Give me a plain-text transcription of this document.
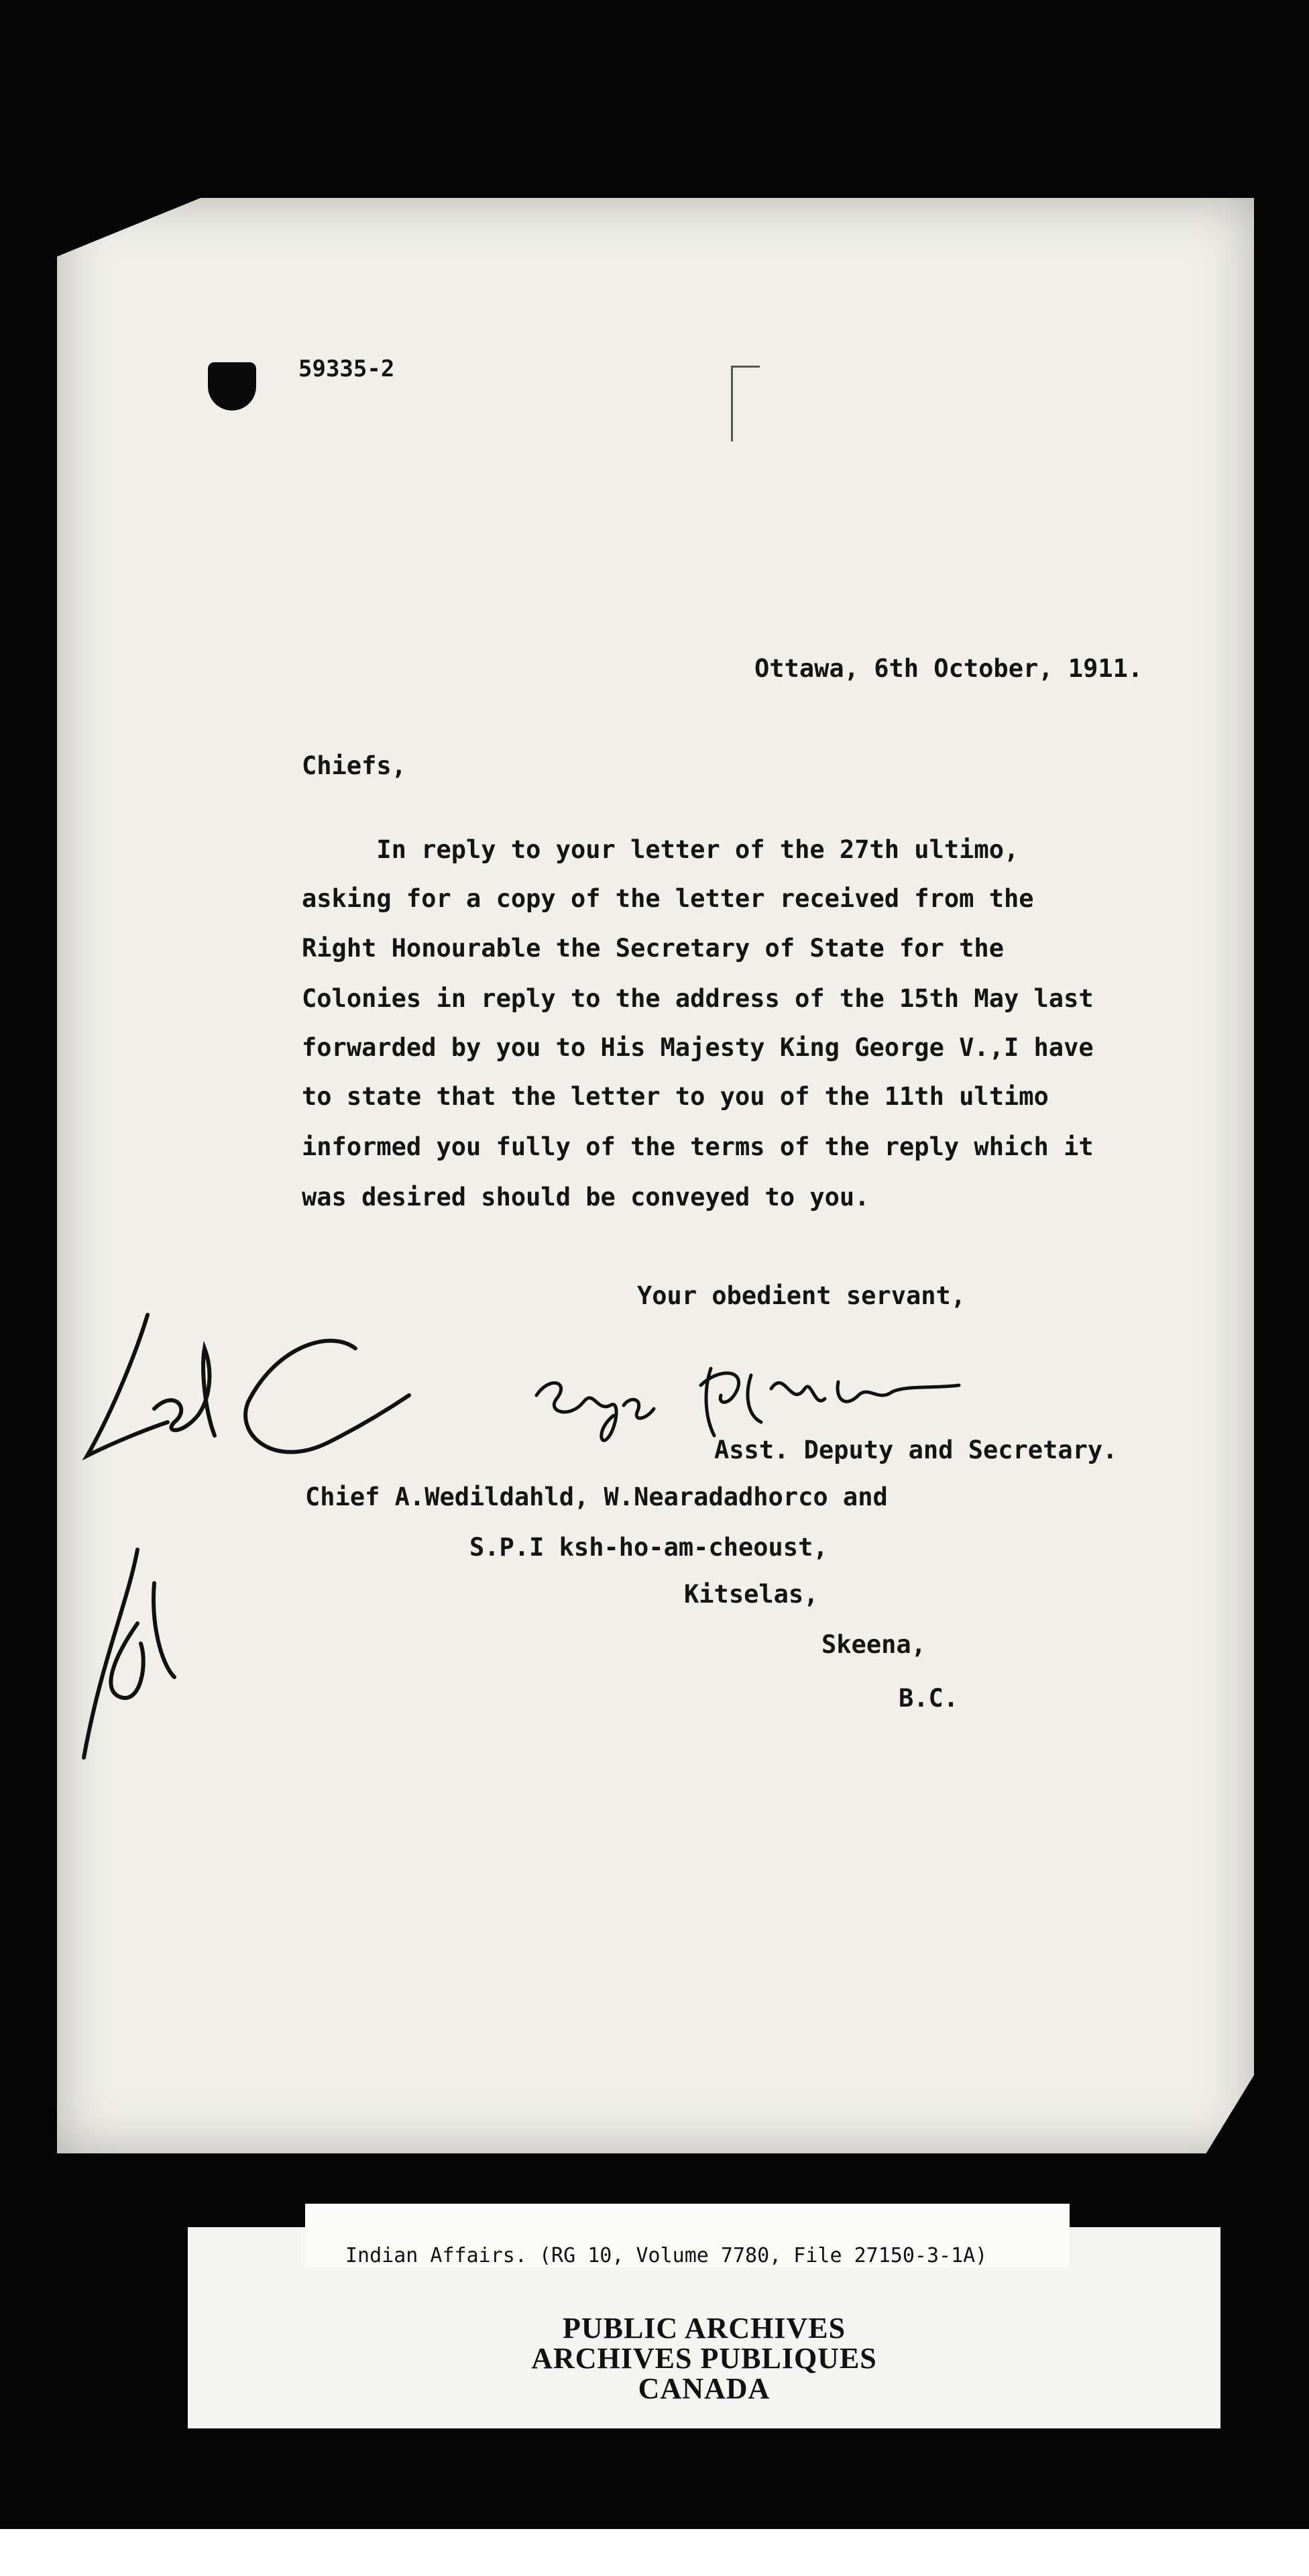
59335-2
Ottawa, 6th October, 1911.
Chiefs,
In reply to your letter of the 27th ultimo,
asking for a copy of the letter received from the
Right Honourable the Secretary of State for the
Colonies in reply to the address of the 15th May last
forwarded by you to His Majesty King George V.,I have
to state that the letter to you of the 11th ultimo
informed you fully of the terms of the reply which it
was desired should be conveyed to you.
Your obedient servant,
Asst. Deputy and Secretary.
Chief A.Wedildahld, W.Nearadadhorco and
S.P.I ksh-ho-am-cheoust,
Kitselas,
Skeena,
B.C.
Indian Affairs. (RG 10, Volume 7780, File 27150-3-1A)
PUBLIC ARCHIVES
ARCHIVES PUBLIQUES
CANADA
